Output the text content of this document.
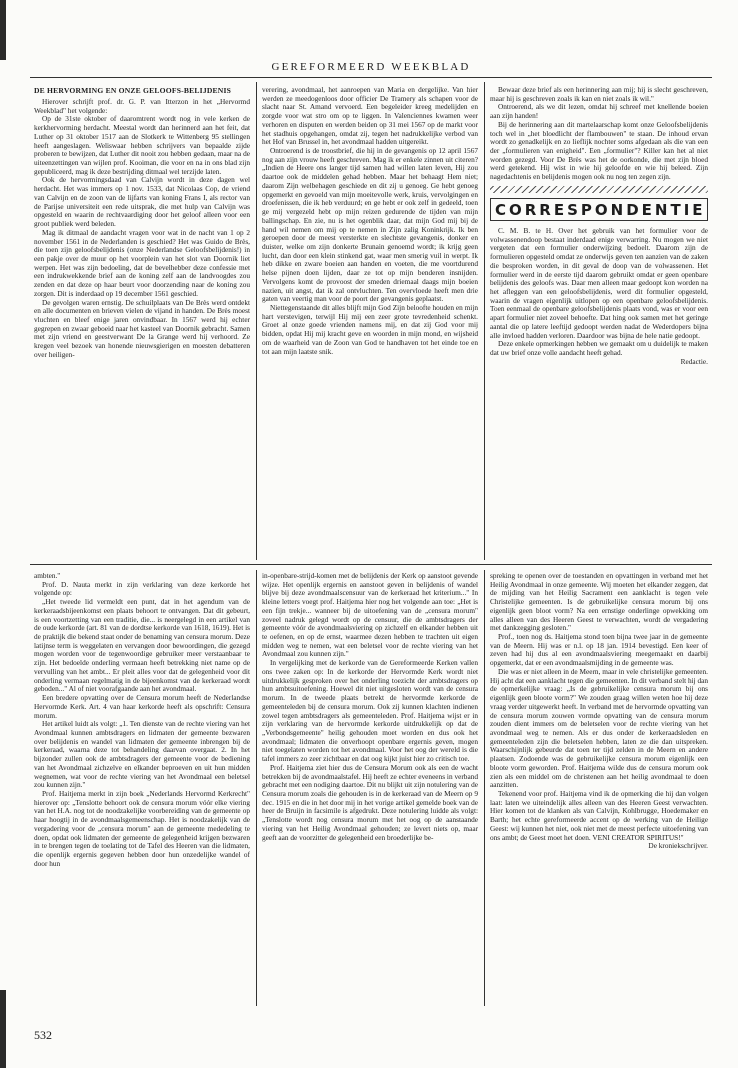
GEREFORMEERD WEEKBLAD
DE HERVORMING EN ONZE GELOOFS-BELIJDENIS

Hierover schrijft prof. dr. G. P. van Itterzon in het „Hervormd Weekblad" het volgende:

Op de 31ste oktober of daaromtrent wordt nog in vele kerken de kerkhervorming herdacht. Meestal wordt dan herinnerd aan het feit, dat Luther op 31 oktober 1517 aan de Slotkerk te Wittenberg 95 stellingen heeft aangeslagen. Weliswaar hebben schrijvers van bepaalde zijde proberen te bewijzen, dat Luther dit nooit zou hebben gedaan, maar na de uiteenzettingen van wijlen prof. Kooiman, die voor en na in ons blad zijn gepubliceerd, mag ik deze bestrijding ditmaal wel terzijde laten.

Ook de hervormingsdaad van Calvijn wordt in deze dagen wel herdacht. Het was immers op 1 nov. 1533, dat Nicolaas Cop, de vriend van Calvijn en de zoon van de lijfarts van koning Frans I, als rector van de Parijse universiteit een rede uitsprak, die met hulp van Calvijn was opgesteld en waarin de rechtvaardiging door het geloof alleen voor een groot publiek werd beleden.

Mag ik ditmaal de aandacht vragen voor wat in de nacht van 1 op 2 november 1561 in de Nederlanden is geschied? Het was Guido de Brès, die toen zijn geloofsbelijdenis (onze Nederlandse Geloofsbelijdenis!) in een pakje over de muur op het voorplein van het slot van Doornik liet werpen. Het was zijn bedoeling, dat de bevelhebber deze confessie met een indrukwekkende brief aan de koning zelf aan de landvoogdes zou zenden en dat deze op haar beurt voor doorzending naar de koning zou zorgen. Dit is inderdaad op 19 december 1561 geschied.

De gevolgen waren ernstig. De schuilplaats van De Brès werd ontdekt en alle documenten en brieven vielen de vijand in handen. De Brès moest vluchten en bleef enige jaren onvindbaar. In 1567 werd hij echter gegrepen en zwaar geboeid naar het kasteel van Doornik gebracht. Samen met zijn vriend en geestverwant De la Grange werd hij verhoord. Ze kregen veel bezoek van honende nieuwsgierigen en moesten debatteren over heiligen-

verering, avondmaal, het aanroepen van Maria en dergelijke. Van hier werden ze meedogenloos door officier De Tramery als schapen voor de slacht naar St. Amand vervoerd. Een begeleider kreeg medelijden en zorgde voor wat stro om op te liggen. In Valenciennes kwamen weer verhoren en disputen en werden beiden op 31 mei 1567 op de markt voor het stadhuis opgehangen, omdat zij, tegen het nadrukkelijke verbod van het Hof van Brussel in, het avondmaal hadden uitgereikt.

Ontroerend is de troostbrief, die hij in de gevangenis op 12 april 1567 nog aan zijn vrouw heeft geschreven. Mag ik er enkele zinnen uit citeren? „Indien de Heere ons langer tijd samen had willen laten leven, Hij zou daartoe ook de middelen gehad hebben. Maar het behaagt Hem niet; daarom Zijn welbehagen geschiede en dit zij u genoeg. Ge hebt genoeg opgemerkt en gevoeld van mijn moeitevolle werk, kruis, vervolgingen en droefenissen, die ik heb verduurd; en ge hebt er ook zelf in gedeeld, toen ge mij vergezeld hebt op mijn reizen gedurende de tijden van mijn ballingschap. En zie, nu is het ogenblik daar, dat mijn God mij bij de hand wil nemen om mij op te nemen in Zijn zalig Koninkrijk. Ik ben geroepen door de meest versterkte en slechtste gevangenis, donker en duister, welke om zijn donkerte Brunain genoemd wordt; ik krijg geen lucht, dan door een klein stinkend gat, waar men smerig vuil in werpt. Ik heb dikke en zware boeien aan handen en voeten, die me voortdurend helse pijnen doen lijden, daar ze tot op mijn benderen insnijden. Vervolgens komt de provoost der smeden driemaal daags mijn boeien nazien, uit angst, dat ik zal ontvluchten. Ten overvloede heeft men drie gaten van veertig man voor de poort der gevangenis geplaatst.

Niettegenstaande dit alles blijft mijn God Zijn beloofte houden en mijn hart verstevigen, terwijl Hij mij een zeer grote tevredenheid schenkt. Groet al onze goede vrienden namens mij, en dat zij God voor mij bidden, opdat Hij mij kracht geve en woorden in mijn mond, en wijsheid om de waarheid van de Zoon van God te handhaven tot het einde toe en tot aan mijn laatste snik.

Bewaar deze brief als een herinnering aan mij; hij is slecht geschreven, maar hij is geschreven zoals ik kan en niet zoals ik wil."

Ontroerend, als we dit lezen, omdat hij schreef met knellende boeien aan zijn handen!

Bij de herinnering aan dit martelaarschap komt onze Geloofsbelijdenis toch wel in „het bloedlicht der flambouwen" te staan. De inhoud ervan wordt zo genadkelijk en zo lieflijk nochter soms afgedaan als die van een der „formulieren van enigheid". Een „formulier"? Killer kan het al niet worden gezegd. Voor De Brès was het de oorkonde, die met zijn bloed werd getekend. Hij wist in wie hij geloofde en wie hij beleed. Zijn nagedachtenis en belijdenis mogen ook nu nog ten zegen zijn.

CORRESPONDENTIE

C. M. B. te H. Over het gebruik van het formulier voor de volwassenendoop bestaat inderdaad enige verwarring. Nu mogen we niet vergeten dat een formulier onderwijzing bedoelt. Daarom zijn de formulieren opgesteld omdat ze onderwijs geven ten aanzien van de zaken die besproken worden, in dit geval de doop van de volwassenen. Het formulier werd in de eerste tijd daarom gebruikt omdat er geen openbare belijdenis des geloofs was. Daar men alleen maar gedoopt kon worden na het afleggen van een geloofsbelijdenis, werd dit formulier opgesteld, waarin de vragen eigenlijk uitlopen op een openbare geloofsbelijdenis. Toen eenmaal de openbare geloofsbelijdenis plaats vond, was er voor een apart formulier niet zoveel behoefte. Dat hing ook samen met het geringe aantal die op latere leeftijd gedoopt werden nadat de Wederdopers bijna alle invloed hadden verloren. Daardoor was bijna de hele natie gedoopt.

Deze enkele opmerkingen hebben we gemaakt om u duidelijk te maken dat uw brief onze volle aandacht heeft gehad.

Redactie.

ambten."

Prof. D. Nauta merkt in zijn verklaring van deze kerkorde het volgende op:

„Het tweede lid vermeldt een punt, dat in het agendum van de kerkeraadsbijeenkomst een plaats behoort te ontvangen. Dat dit gebeurt, is een voortzetting van een traditie, die... is neergelegd in een artikel van de oude kerkorde (art. 81 van de dordtse kerkorde van 1618, 1619). Het is de praktijk die bekend staat onder de benaming van censura morum. Deze latijnse term is weggelaten en vervangen door bewoordingen, die gezegd mogen worden voor de tegenwoordige gebruiker meer verstaanbaar te zijn. Het bedoelde onderling vermaan heeft betrekking niet name op de vervulling van het ambt... Er pleit alles voor dat de gelegenheid voor dit onderling vermaan regelmatig in de bijeenkomst van de kerkeraad wordt geboden..." Al of niet voorafgaande aan het avondmaal.

Een bredere opvatting over de Censura morum heeft de Nederlandse Hervormde Kerk. Art. 4 van haar kerkorde heeft als opschrift: Censura morum.

Het artikel luidt als volgt: „1. Ten dienste van de rechte viering van het Avondmaal kunnen ambtsdragers en lidmaten der gemeente bezwaren over belijdenis en wandel van lidmaten der gemeente inbrengen bij de kerkeraad, waarna deze tot behandeling daarvan overgaat. 2. In het bijzonder zullen ook de ambtsdragers der gemeente voor de bediening van het Avondmaal zichzelve en elkander beproeven en uit hun midden wegnemen, wat voor de rechte viering van het Avondmaal een beletsel zou kunnen zijn."

Prof. Haitjema merkt in zijn boek „Nederlands Hervormd Kerkrecht" hierover op: „Tenslotte behoort ook de censura morum vóór elke viering van het H.A. nog tot de noodzakelijke voorbereiding van de gemeente op haar hoogtij in de avondmaalsgemeenschap. Het is noodzakelijk van de vergadering voor de „censura morum" aan de gemeente mededeling te doen, opdat ook lidmaten der gemeente de gelegenheid krijgen bezwaren in te brengen tegen de toelating tot de Tafel des Heeren van die lidmaten, die openlijk ergernis gegeven hebben door hun onzedelijke wandel of door hun

in-openbare-strijd-komen met de belijdenis der Kerk op aanstoot gevende wijze. Het openlijk ergernis en aanstoot geven in belijdenis of wandel blijve bij deze avondmaalscensuur van de kerkeraad het kriterium..." In kleine letters voegt prof. Haitjema hier nog het volgende aan toe: „Het is een fijn trekje... wanneer bij de uitoefening van de „censura morum" zoveel nadruk gelegd wordt op de censuur, die de ambtsdragers der gemeente vóór de avondmaalsviering op zichzelf en elkander hebben uit te oefenen, en op de ernst, waarmee dezen hebben te trachten uit eigen midden weg te nemen, wat een beletsel voor de rechte viering van het Avondmaal zou kunnen zijn."

In vergelijking met de kerkorde van de Gereformeerde Kerken vallen ons twee zaken op: In de kerkorde der Hervormde Kerk wordt niet uitdrukkelijk gesproken over het onderling toezicht der ambtsdragers op hun ambtsuitoefening. Hoewel dit niet uitgesloten wordt van de censura morum. In de tweede plaats betrekt de hervormde kerkorde de gemeenteleden bij de censura morum. Ook zij kunnen klachten indienen zowel tegen ambtsdragers als gemeenteleden. Prof. Haitjema wijst er in zijn verklaring van de hervormde kerkorde uitdrukkelijk op dat de „Verbondsgemeente" heilig gehouden moet worden en dus ook het avondmaal; lidmaten die onverhoopt openbare ergernis geven, mogen niet toegelaten worden tot het avondmaal. Voor het oog der wereld is die tafel immers zo zeer zichtbaar en dat oog kijkt juist hier zo critisch toe.

Prof. Haitjema ziet hier dus de Censura Morum ook als een de wacht betrekken bij de avondmaalstafel. Hij heeft ze echter eveneens in verband gebracht met een nodiging daartoe. Dit nu blijkt uit zijn notulering van de Censura morum zoals die gehouden is in de kerkeraad van de Meern op 9 dec. 1915 en die in het door mij in het vorige artikel gemelde boek van de heer de Bruijn in facsimile is afgedrukt. Deze notulering luidde als volgt: „Tenslotte wordt nog censura morum met het oog op de aanstaande viering van het Heilig Avondmaal gehouden; ze levert niets op, maar geeft aan de voorzitter de gelegenheid een broederlijke be-

spreking te openen over de toestanden en opvattingen in verband met het Heilig Avondmaal in onze gemeente. Wij moeten het elkander zeggen, dat de mijding van het Heilig Sacrament een aanklacht is tegen vele Christelijke gemeenten. Is de gebruikelijke censura morum bij ons eigenlijk geen bloot vorm? Na een ernstige onderlinge opwekking om alles alleen van des Heeren Geest te verwachten, wordt de vergadering met dankzegging gesloten."

Prof., toen nog ds. Haitjema stond toen bijna twee jaar in de gemeente van de Meern. Hij was er n.l. op 18 jan. 1914 bevestigd. Een keer of zeven had hij dus al een avondmaalsviering meegemaakt en daarbij opgemerkt, dat er een avondmaalsmijding in de gemeente was.

Die was er niet alleen in de Meern, maar in vele christelijke gemeenten. Hij acht dat een aanklacht tegen die gemeenten. In dit verband stelt hij dan de opmerkelijke vraag: „Is de gebruikelijke censura morum bij ons eigenlijk geen bloote vorm?" We zouden graag willen weten hoe hij deze vraag verder uitgewerkt heeft. In verband met de hervormde opvatting van de censura morum zouwen vormde opvatting van de censura morum zouden dient immers om de beletselen voor de rechte viering van het avondmaal weg te nemen. Als er dus onder de kerkeraadsleden en gemeenteleden zijn die beletselen hebben, laten ze die dan uitspreken. Waarschijnlijk gebeurde dat toen ter tijd zelden in de Meern en andere plaatsen. Zodoende was de gebruikelijke censura morum eigenlijk een bloote vorm geworden. Prof. Haitjema wilde dus de censura morum ook zien als een middel om de christenen aan het heilig avondmaal te doen aanzitten.

Tekenend voor prof. Haitjema vind ik de opmerking die hij dan volgen laat: laten we uiteindelijk alles alleen van des Heeren Geest verwachten. Hier komen tot de klanken als van Calvijn, Kohlbrugge, Hoedemaker en Barth; het echte gereformeerde accent op de werking van de Heilige Geest: wij kunnen het niet, ook niet met de meest perfecte uitoefening van ons ambt; de Geest moet het doen. VENI CREATOR SPIRITUS!"

De kroniekschrijver.
532
